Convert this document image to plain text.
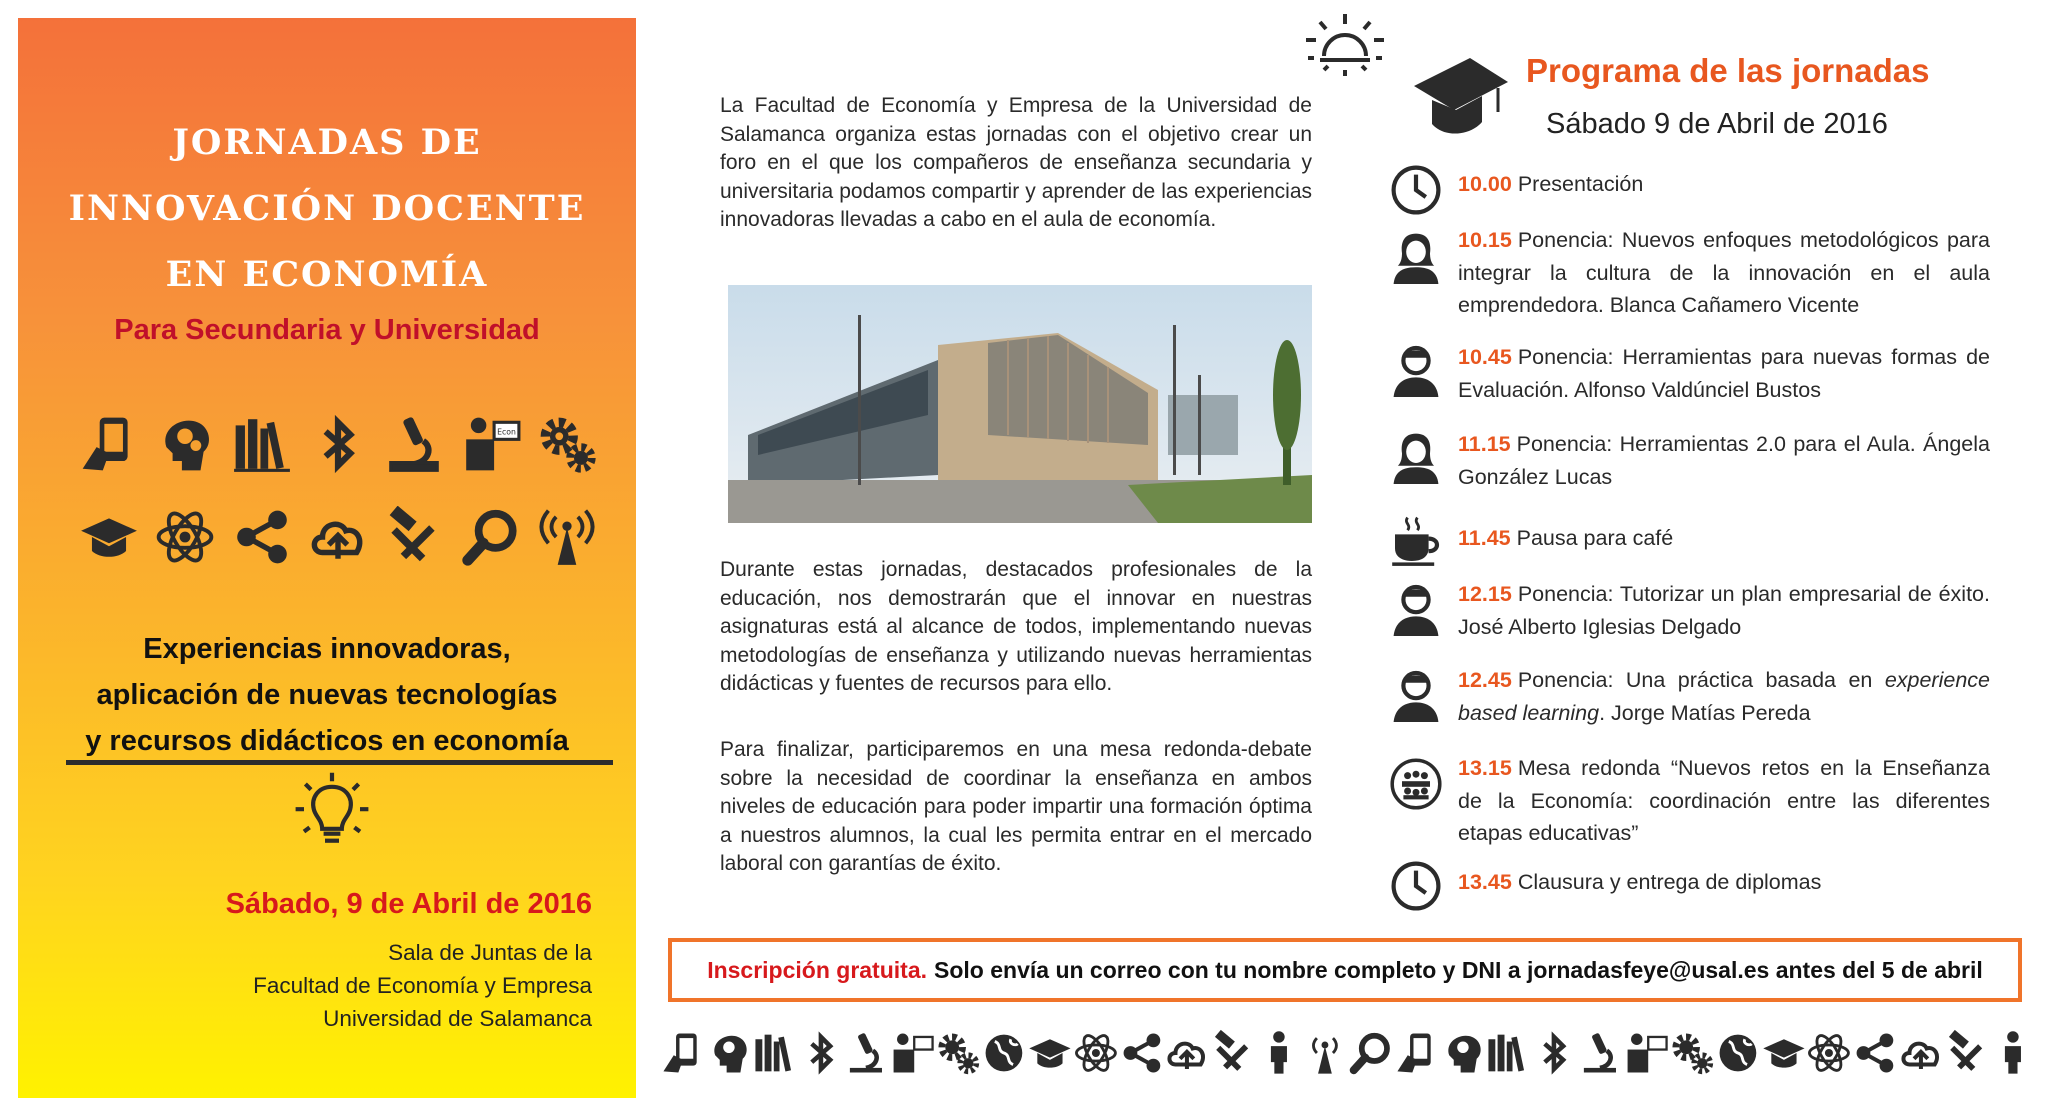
JORNADAS DE
INNOVACIÓN DOCENTE
EN ECONOMÍA
Para Secundaria y Universidad
Econ
Experiencias innovadoras,
aplicación de nuevas tecnologías
y recursos didácticos en economía
Sábado, 9 de Abril de 2016
Sala de Juntas de la
Facultad de Economía y Empresa
Universidad de Salamanca

La Facultad de Economía y Empresa de la Universidad de Salamanca organiza estas jornadas con el objetivo crear un foro en el que los compañeros de enseñanza secundaria y universitaria podamos compartir y aprender de las experiencias innovadoras llevadas a cabo en el aula de economía.

Durante estas jornadas, destacados profesionales de la educación, nos demostrarán que el innovar en nuestras asignaturas está al alcance de todos, implementando nuevas metodologías de enseñanza y utilizando nuevas herramientas didácticas y fuentes de recursos para ello.

Para finalizar, participaremos en una mesa redonda-debate sobre la necesidad de coordinar la enseñanza en ambos niveles de educación para poder impartir una formación óptima a nuestros alumnos, la cual les permita entrar en el mercado laboral con garantías de éxito.

Programa de las jornadas
Sábado 9 de Abril de 2016

10.00 Presentación

10.15 Ponencia: Nuevos enfoques metodológicos para integrar la cultura de la innovación en el aula emprendedora. Blanca Cañamero Vicente

10.45 Ponencia: Herramientas para nuevas formas de Evaluación. Alfonso Valdúnciel Bustos

11.15 Ponencia: Herramientas 2.0 para el Aula. Ángela González Lucas

11.45 Pausa para café

12.15 Ponencia: Tutorizar un plan empresarial de éxito. José Alberto Iglesias Delgado

12.45 Ponencia: Una práctica basada en experience based learning. Jorge Matías Pereda

13.15 Mesa redonda “Nuevos retos en la Enseñanza de la Economía: coordinación entre las diferentes etapas educativas”

13.45 Clausura y entrega de diplomas

Inscripción gratuita. Solo envía un correo con tu nombre completo y DNI a jornadasfeye@usal.es antes del 5 de abril
